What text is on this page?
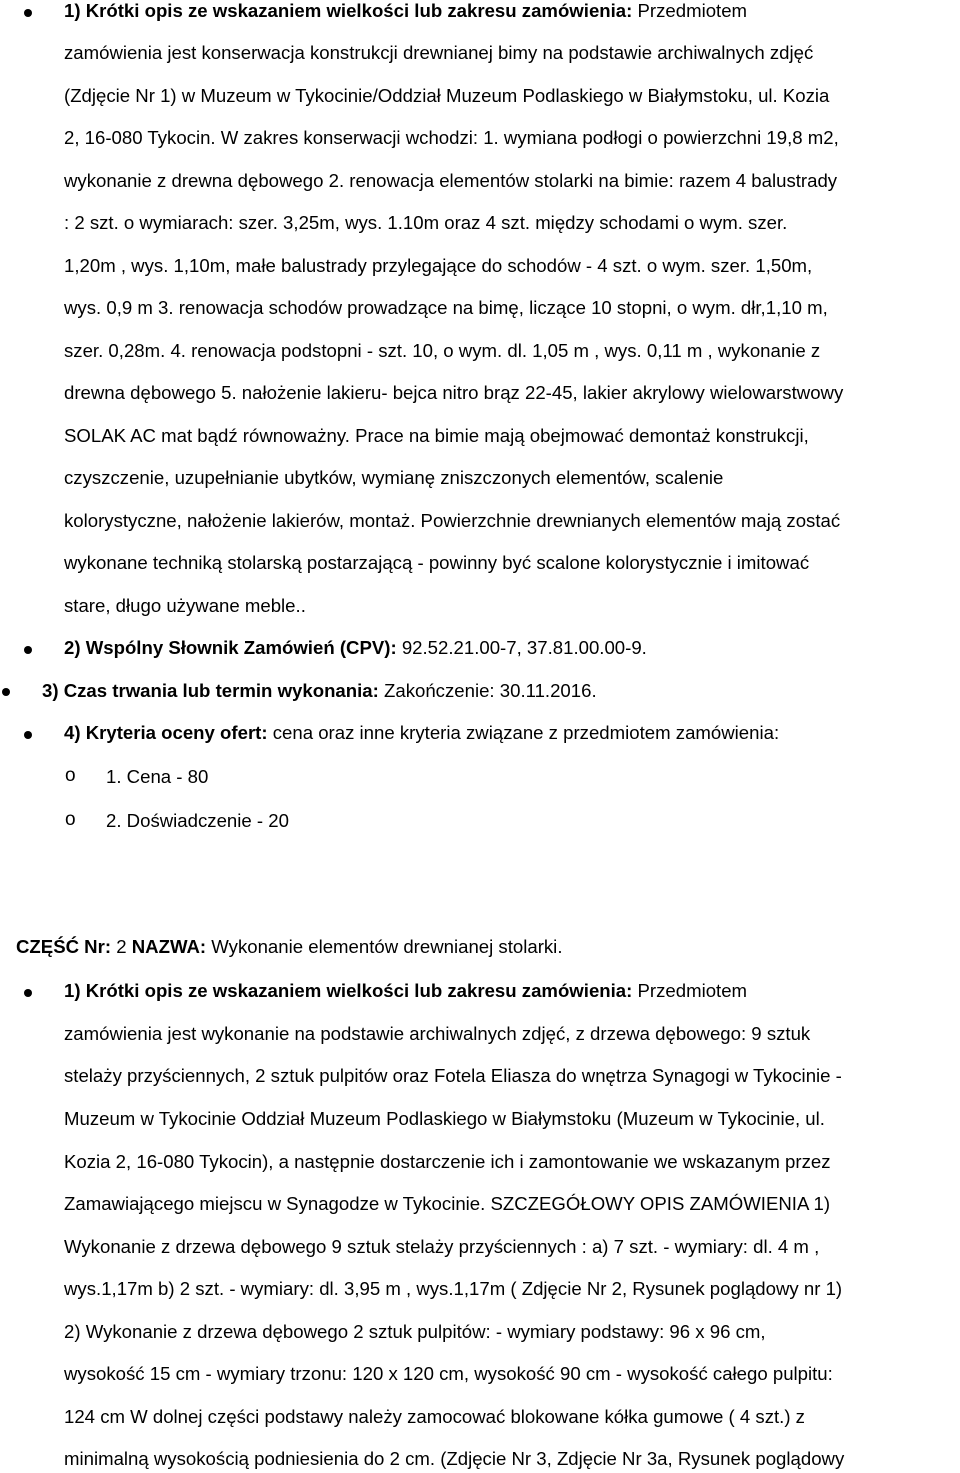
1) Krótki opis ze wskazaniem wielkości lub zakresu zamówienia: Przedmiotem
zamówienia jest konserwacja konstrukcji drewnianej bimy na podstawie archiwalnych zdjęć
(Zdjęcie Nr 1) w Muzeum w Tykocinie/Oddział Muzeum Podlaskiego w Białymstoku, ul. Kozia
2, 16-080 Tykocin. W zakres konserwacji wchodzi: 1. wymiana podłogi o powierzchni 19,8 m2,
wykonanie z drewna dębowego 2. renowacja elementów stolarki na bimie: razem 4 balustrady
: 2 szt. o wymiarach: szer. 3,25m, wys. 1.10m oraz 4 szt. między schodami o wym. szer.
1,20m , wys. 1,10m, małe balustrady przylegające do schodów - 4 szt. o wym. szer. 1,50m,
wys. 0,9 m 3. renowacja schodów prowadzące na bimę, liczące 10 stopni, o wym. dłr,1,10 m,
szer. 0,28m. 4. renowacja podstopni - szt. 10, o wym. dl. 1,05 m , wys. 0,11 m , wykonanie z
drewna dębowego 5. nałożenie lakieru- bejca nitro brąz 22-45, lakier akrylowy wielowarstwowy
SOLAK AC mat bądź równoważny. Prace na bimie mają obejmować demontaż konstrukcji,
czyszczenie, uzupełnianie ubytków, wymianę zniszczonych elementów, scalenie
kolorystyczne, nałożenie lakierów, montaż. Powierzchnie drewnianych elementów mają zostać
wykonane techniką stolarską postarzającą - powinny być scalone kolorystycznie i imitować
stare, długo używane meble..
2) Wspólny Słownik Zamówień (CPV): 92.52.21.00-7, 37.81.00.00-9.
3) Czas trwania lub termin wykonania: Zakończenie: 30.11.2016.
4) Kryteria oceny ofert: cena oraz inne kryteria związane z przedmiotem zamówienia:
o 1. Cena - 80
o 2. Doświadczenie - 20
CZĘŚĆ Nr: 2 NAZWA: Wykonanie elementów drewnianej stolarki.
1) Krótki opis ze wskazaniem wielkości lub zakresu zamówienia: Przedmiotem
zamówienia jest wykonanie na podstawie archiwalnych zdjęć, z drzewa dębowego: 9 sztuk
stelaży przyściennych, 2 sztuk pulpitów oraz Fotela Eliasza do wnętrza Synagogi w Tykocinie -
Muzeum w Tykocinie Oddział Muzeum Podlaskiego w Białymstoku (Muzeum w Tykocinie, ul.
Kozia 2, 16-080 Tykocin), a następnie dostarczenie ich i zamontowanie we wskazanym przez
Zamawiającego miejscu w Synagodze w Tykocinie. SZCZEGÓŁOWY OPIS ZAMÓWIENIA 1)
Wykonanie z drzewa dębowego 9 sztuk stelaży przyściennych : a) 7 szt. - wymiary: dl. 4 m ,
wys.1,17m b) 2 szt. - wymiary: dl. 3,95 m , wys.1,17m ( Zdjęcie Nr 2, Rysunek poglądowy nr 1)
2) Wykonanie z drzewa dębowego 2 sztuk pulpitów: - wymiary podstawy: 96 x 96 cm,
wysokość 15 cm - wymiary trzonu: 120 x 120 cm, wysokość 90 cm - wysokość całego pulpitu:
124 cm W dolnej części podstawy należy zamocować blokowane kółka gumowe ( 4 szt.) z
minimalną wysokością podniesienia do 2 cm. (Zdjęcie Nr 3, Zdjęcie Nr 3a, Rysunek poglądowy
